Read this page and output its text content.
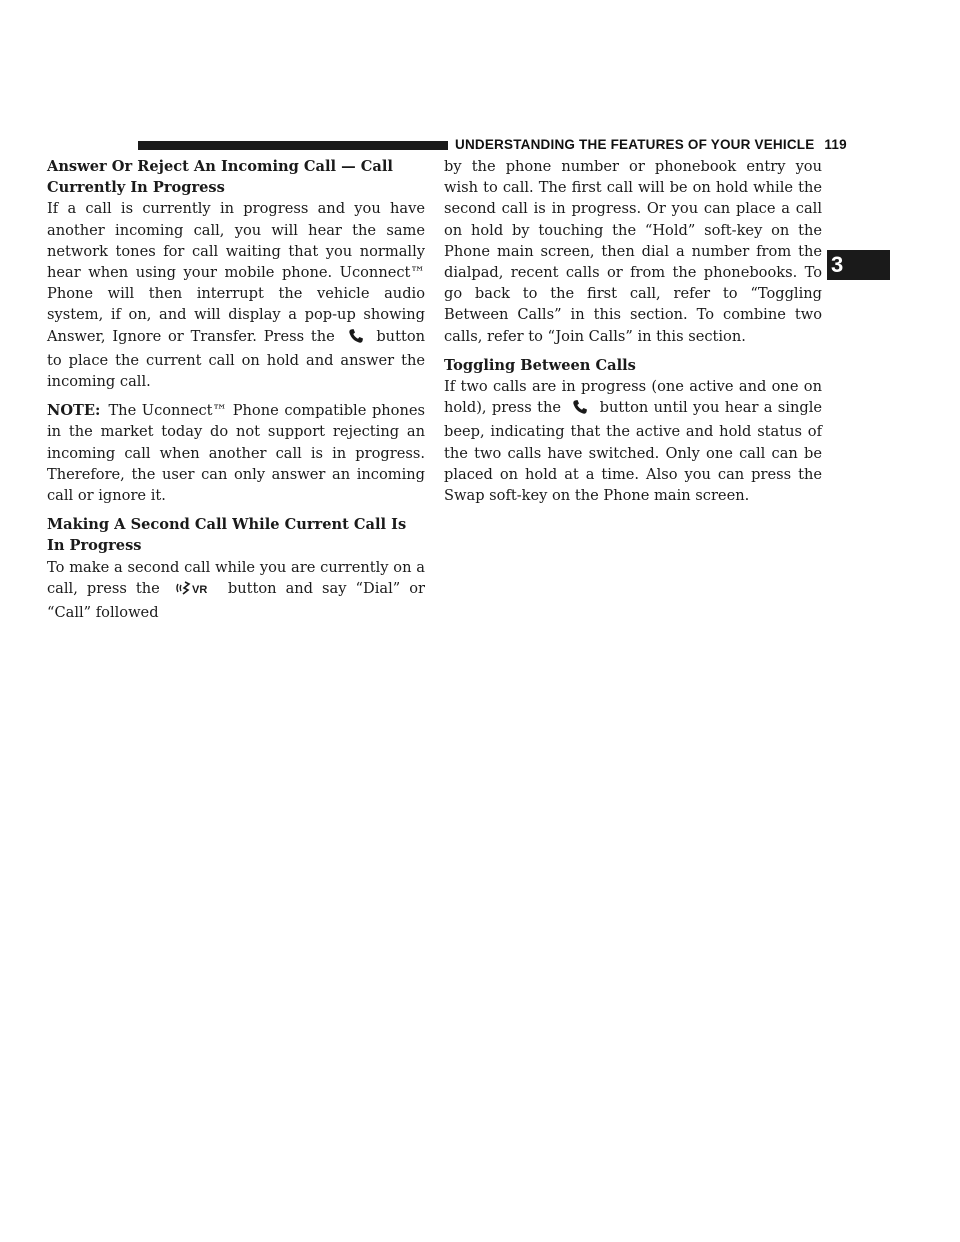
UNDERSTANDING THE FEATURES OF YOUR VEHICLE 119
3
Answer Or Reject An Incoming Call — Call Currently In Progress

If a call is currently in progress and you have another incoming call, you will hear the same network tones for call waiting that you normally hear when using your mobile phone. Uconnect™ Phone will then interrupt the vehicle audio system, if on, and will display a pop-up showing Answer, Ignore or Transfer. Press the	button to place the current call on hold and answer the incoming call.

NOTE: The Uconnect™ Phone compatible phones in the market today do not support rejecting an incoming call when another call is in progress. Therefore, the user can only answer an incoming call or ignore it.

Making A Second Call While Current Call Is In Progress

To make a second call while you are currently on a call, press the	VR button and say “Dial” or “Call” followed

by the phone number or phonebook entry you wish to call. The first call will be on hold while the second call is in progress. Or you can place a call on hold by touching the “Hold” soft-key on the Phone main screen, then dial a number from the dialpad, recent calls or from the phonebooks. To go back to the first call, refer to “Toggling Between Calls” in this section. To combine two calls, refer to “Join Calls” in this section.

Toggling Between Calls

If two calls are in progress (one active and one on hold), press the	button until you hear a single beep, indicating that the active and hold status of the two calls have switched. Only one call can be placed on hold at a time. Also you can press the Swap soft-key on the Phone main screen.
